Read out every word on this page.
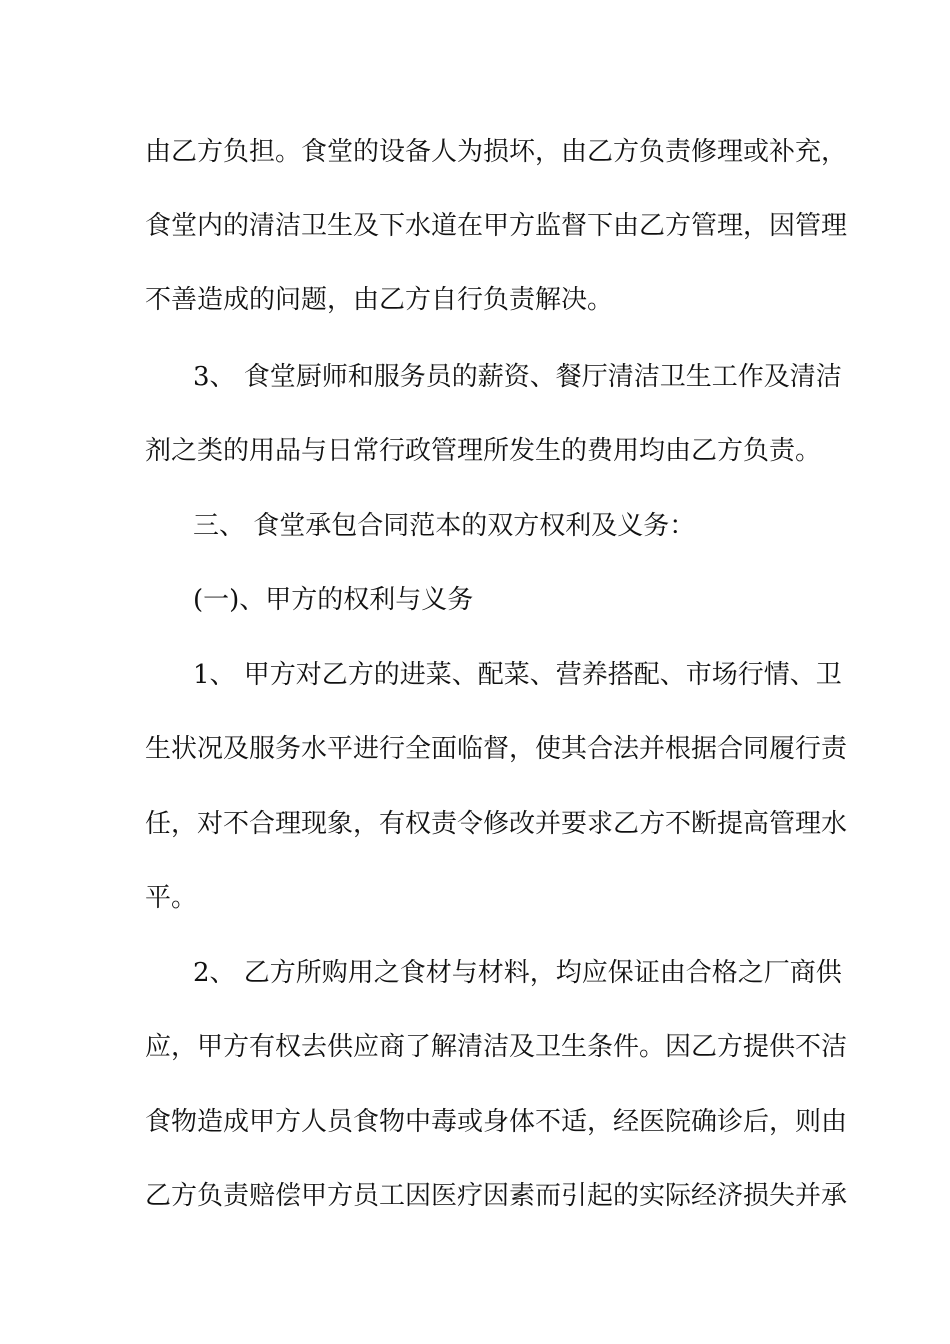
由乙方负担。食堂的设备人为损坏，由乙方负责修理或补充，
食堂内的清洁卫生及下水道在甲方监督下由乙方管理，因管理
不善造成的问题，由乙方自行负责解决。
3、 食堂厨师和服务员的薪资、餐厅清洁卫生工作及清洁
剂之类的用品与日常行政管理所发生的费用均由乙方负责。
三、 食堂承包合同范本的双方权利及义务：
(一)、甲方的权利与义务
1、 甲方对乙方的进菜、配菜、营养搭配、市场行情、卫
生状况及服务水平进行全面临督，使其合法并根据合同履行责
任，对不合理现象，有权责令修改并要求乙方不断提高管理水
平。
2、 乙方所购用之食材与材料，均应保证由合格之厂商供
应，甲方有权去供应商了解清洁及卫生条件。因乙方提供不洁
食物造成甲方人员食物中毒或身体不适，经医院确诊后，则由
乙方负责赔偿甲方员工因医疗因素而引起的实际经济损失并承
